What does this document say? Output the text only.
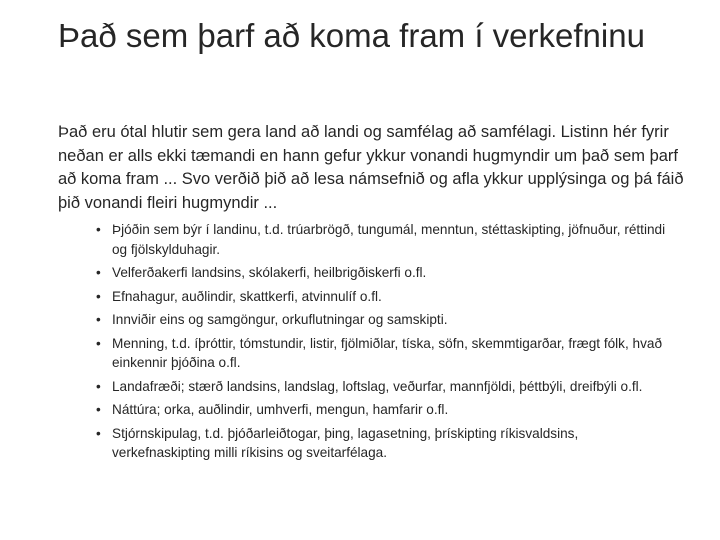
Það sem þarf að koma fram í verkefninu

Það eru ótal hlutir sem gera land að landi og samfélag að samfélagi. Listinn hér fyrir neðan er alls ekki tæmandi en hann gefur ykkur vonandi hugmyndir um það sem þarf að koma fram ... Svo verðið þið að lesa námsefnið og afla ykkur upplýsinga og þá fáið þið vonandi fleiri hugmyndir ...

• Þjóðin sem býr í landinu, t.d. trúarbrögð, tungumál, menntun, stéttaskipting, jöfnuður, réttindi og fjölskylduhagir.
• Velferðakerfi landsins, skólakerfi, heilbrigðiskerfi o.fl.
• Efnahagur, auðlindir, skattkerfi, atvinnulíf o.fl.
• Innviðir eins og samgöngur, orkuflutningar og samskipti.
• Menning, t.d. íþróttir, tómstundir, listir, fjölmiðlar, tíska, söfn, skemmtigarðar, frægt fólk, hvað einkennir þjóðina o.fl.
• Landafræði; stærð landsins, landslag, loftslag, veðurfar, mannfjöldi, þéttbýli, dreifbýli o.fl.
• Náttúra; orka, auðlindir, umhverfi, mengun, hamfarir o.fl.
• Stjórnskipulag, t.d. þjóðarleiðtogar, þing, lagasetning, þrískipting ríkisvaldsins, verkefnaskipting milli ríkisins og sveitarfélaga.
